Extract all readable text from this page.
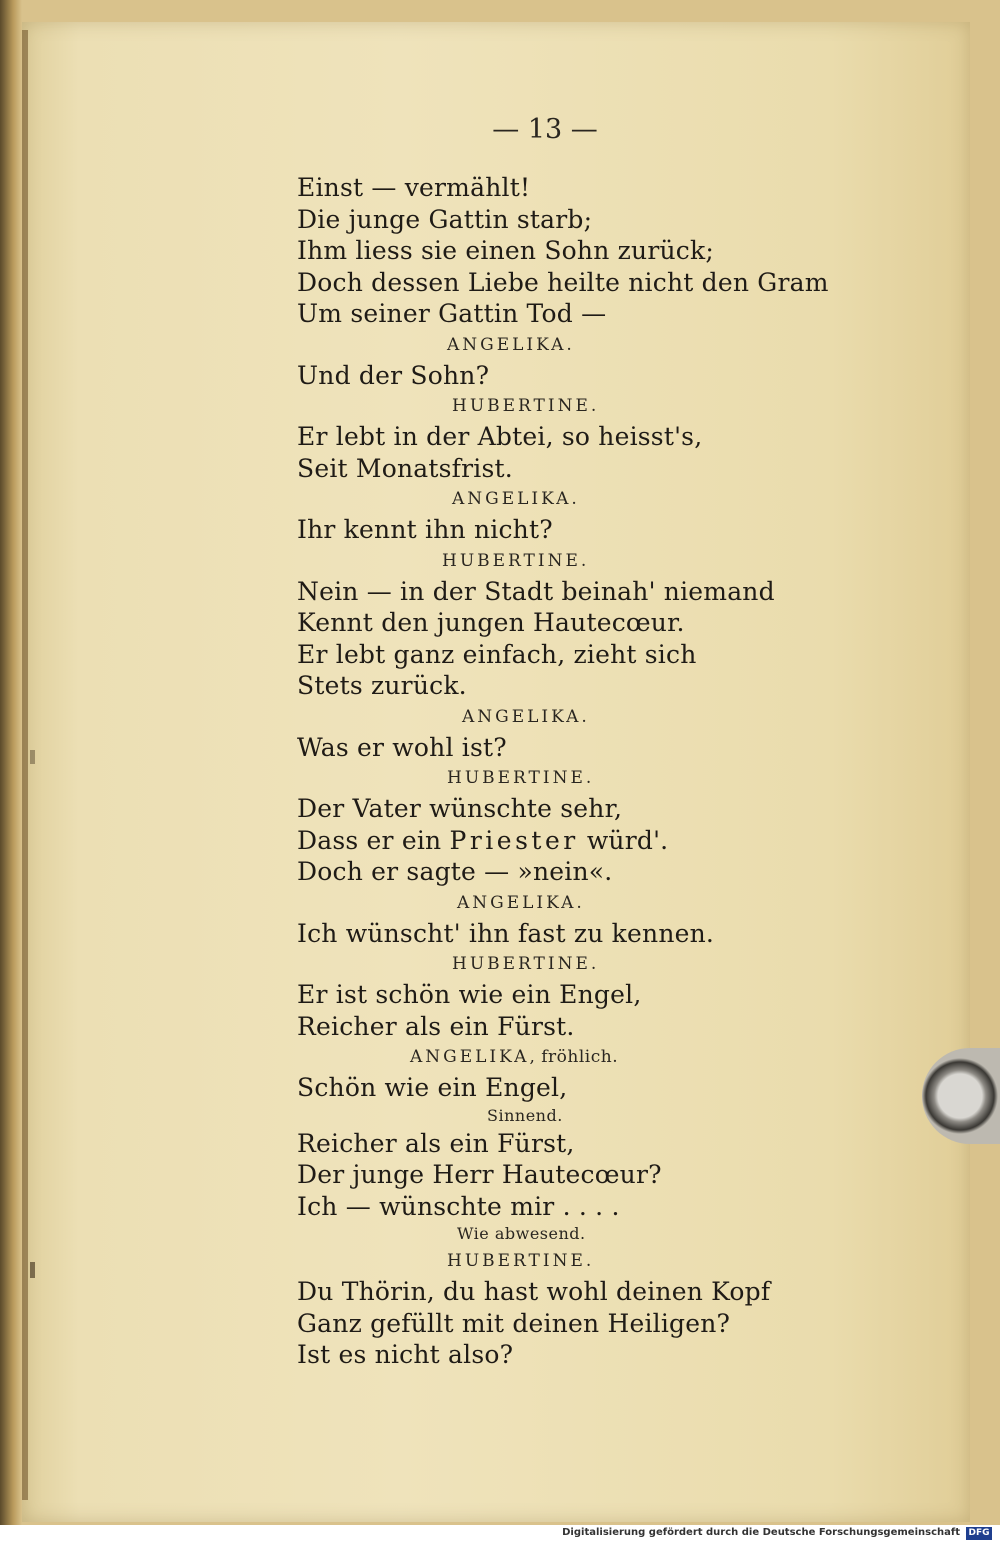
— 13 —
Einst — vermählt!
Die junge Gattin starb;
Ihm liess sie einen Sohn zurück;
Doch dessen Liebe heilte nicht den Gram
Um seiner Gattin Tod —
ANGELIKA.
Und der Sohn?
HUBERTINE.
Er lebt in der Abtei, so heisst's,
Seit Monatsfrist.
ANGELIKA.
Ihr kennt ihn nicht?
HUBERTINE.
Nein — in der Stadt beinah' niemand
Kennt den jungen Hautecœur.
Er lebt ganz einfach, zieht sich
Stets zurück.
ANGELIKA.
Was er wohl ist?
HUBERTINE.
Der Vater wünschte sehr,
Dass er ein Priester würd'.
Doch er sagte — »nein«.
ANGELIKA.
Ich wünscht' ihn fast zu kennen.
HUBERTINE.
Er ist schön wie ein Engel,
Reicher als ein Fürst.
ANGELIKA, fröhlich.
Schön wie ein Engel,
Sinnend.
Reicher als ein Fürst,
Der junge Herr Hautecœur?
Ich — wünschte mir . . . .
Wie abwesend.
HUBERTINE.
Du Thörin, du hast wohl deinen Kopf
Ganz gefüllt mit deinen Heiligen?
Ist es nicht also?
Digitalisierung gefördert durch die Deutsche Forschungsgemeinschaft DFG
